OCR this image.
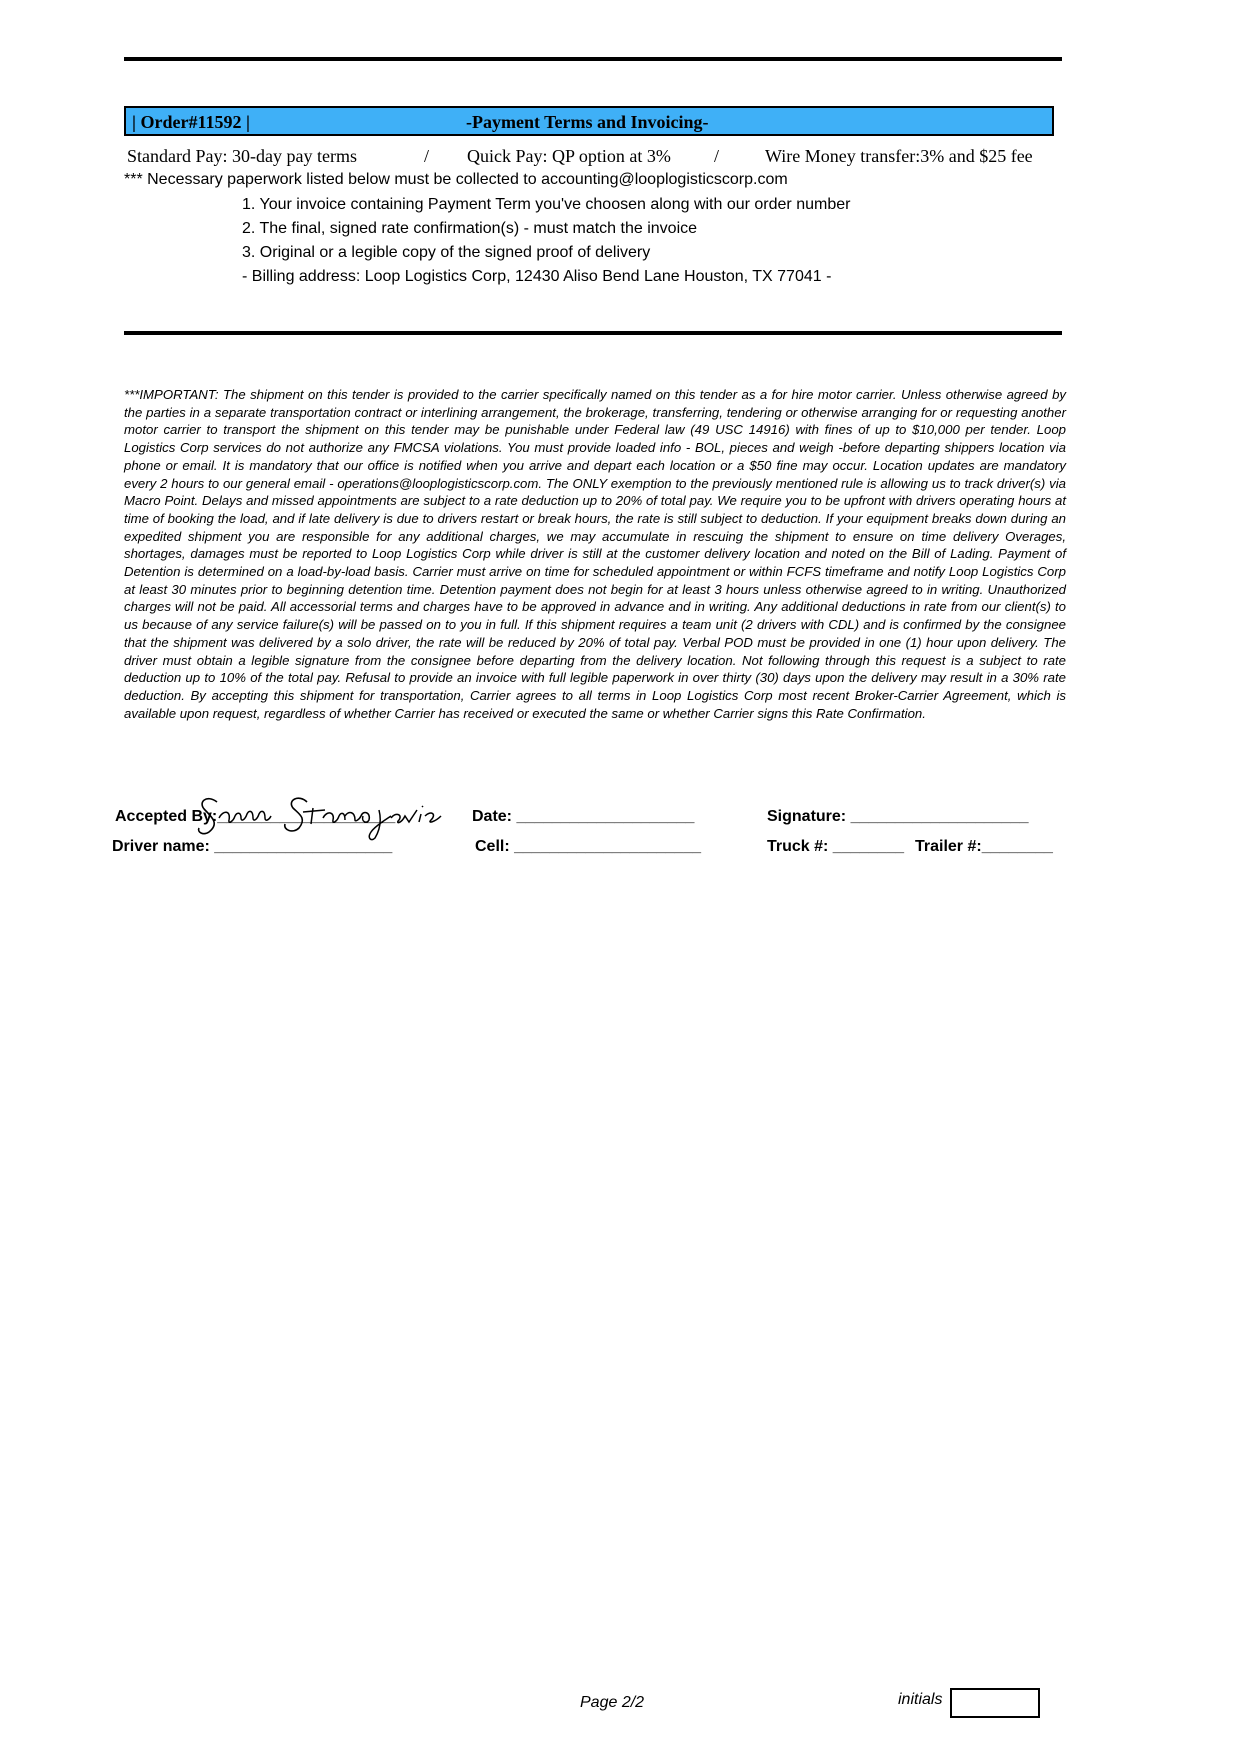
| Order#11592 |	-Payment Terms and Invoicing-
Standard Pay: 30-day pay terms	/ Quick Pay: QP option at 3% /	Wire Money transfer:3% and $25 fee
*** Necessary paperwork listed below must be collected to accounting@looplogisticscorp.com
1. Your invoice containing Payment Term you've choosen along with our order number
2. The final, signed rate confirmation(s) - must match the invoice
3. Original or a legible copy of the signed proof of delivery
- Billing address: Loop Logistics Corp, 12430 Aliso Bend Lane Houston, TX 77041 -

***IMPORTANT: The shipment on this tender is provided to the carrier specifically named on this tender as a for hire motor carrier. Unless otherwise agreed by the parties in a separate transportation contract or interlining arrangement, the brokerage, transferring, tendering or otherwise arranging for or requesting another motor carrier to transport the shipment on this tender may be punishable under Federal law (49 USC 14916) with fines of up to $10,000 per tender. Loop Logistics Corp services do not authorize any FMCSA violations. You must provide loaded info - BOL, pieces and weigh -before departing shippers location via phone or email. It is mandatory that our office is notified when you arrive and depart each location or a $50 fine may occur. Location updates are mandatory every 2 hours to our general email - operations@looplogisticscorp.com. The ONLY exemption to the previously mentioned rule is allowing us to track driver(s) via Macro Point. Delays and missed appointments are subject to a rate deduction up to 20% of total pay. We require you to be upfront with drivers operating hours at time of booking the load, and if late delivery is due to drivers restart or break hours, the rate is still subject to deduction. If your equipment breaks down during an expedited shipment you are responsible for any additional charges, we may accumulate in rescuing the shipment to ensure on time delivery Overages, shortages, damages must be reported to Loop Logistics Corp while driver is still at the customer delivery location and noted on the Bill of Lading. Payment of Detention is determined on a load-by-load basis. Carrier must arrive on time for scheduled appointment or within FCFS timeframe and notify Loop Logistics Corp at least 30 minutes prior to beginning detention time. Detention payment does not begin for at least 3 hours unless otherwise agreed to in writing. Unauthorized charges will not be paid. All accessorial terms and charges have to be approved in advance and in writing. Any additional deductions in rate from our client(s) to us because of any service failure(s) will be passed on to you in full. If this shipment requires a team unit (2 drivers with CDL) and is confirmed by the consignee that the shipment was delivered by a solo driver, the rate will be reduced by 20% of total pay. Verbal POD must be provided in one (1) hour upon delivery. The driver must obtain a legible signature from the consignee before departing from the delivery location. Not following through this request is a subject to rate deduction up to 10% of the total pay. Refusal to provide an invoice with full legible paperwork in over thirty (30) days upon the delivery may result in a 30% rate deduction. By accepting this shipment for transportation, Carrier agrees to all terms in Loop Logistics Corp most recent Broker-Carrier Agreement, which is available upon request, regardless of whether Carrier has received or executed the same or whether Carrier signs this Rate Confirmation.

Accepted By:____________________	Date: ____________________	Signature: ____________________
Driver name: ____________________	Cell: _____________________	Truck #: ________ Trailer #:________
Page 2/2	initials
